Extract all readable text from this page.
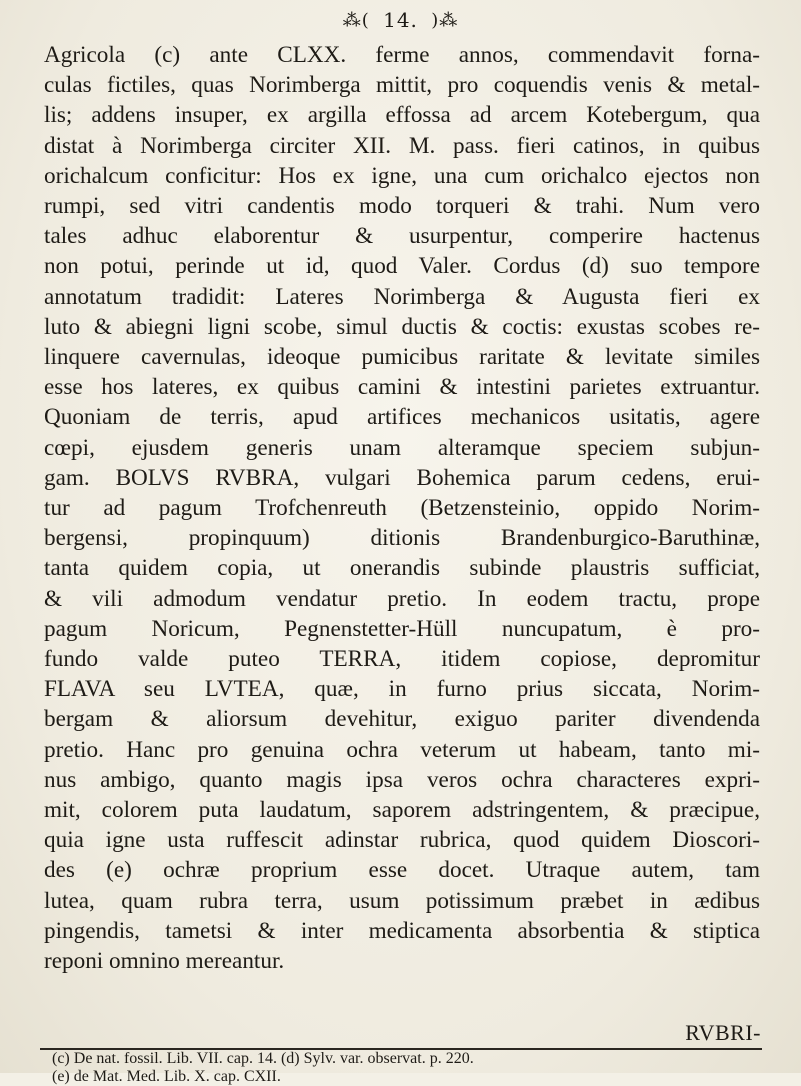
⁂( 14. )⁂
Agricola (c) ante CLXX. ferme annos, commendavit forna-
culas fictiles, quas Norimberga mittit, pro coquendis venis & metal-
lis; addens insuper, ex argilla effossa ad arcem Kotebergum, qua
distat à Norimberga circiter XII. M. pass. fieri catinos, in quibus
orichalcum conficitur: Hos ex igne, una cum orichalco ejectos non
rumpi, sed vitri candentis modo torqueri & trahi. Num vero
tales adhuc elaborentur & usurpentur, comperire hactenus
non potui, perinde ut id, quod Valer. Cordus (d) suo tempore
annotatum tradidit: Lateres Norimberga & Augusta fieri ex
luto & abiegni ligni scobe, simul ductis & coctis: exustas scobes re-
linquere cavernulas, ideoque pumicibus raritate & levitate similes
esse hos lateres, ex quibus camini & intestini parietes extruantur.
Quoniam de terris, apud artifices mechanicos usitatis, agere
cœpi, ejusdem generis unam alteramque speciem subjun-
gam. BOLVS RVBRA, vulgari Bohemica parum cedens, erui-
tur ad pagum Trofchenreuth (Betzensteinio, oppido Norim-
bergensi, propinquum) ditionis Brandenburgico-Baruthinæ,
tanta quidem copia, ut onerandis subinde plaustris sufficiat,
& vili admodum vendatur pretio. In eodem tractu, prope
pagum Noricum, Pegnenstetter-Hüll nuncupatum, è pro-
fundo valde puteo TERRA, itidem copiose, depromitur
FLAVA seu LVTEA, quæ, in furno prius siccata, Norim-
bergam & aliorsum devehitur, exiguo pariter divendenda
pretio. Hanc pro genuina ochra veterum ut habeam, tanto mi-
nus ambigo, quanto magis ipsa veros ochra characteres expri-
mit, colorem puta laudatum, saporem adstringentem, & præcipue,
quia igne usta ruffescit adinstar rubrica, quod quidem Dioscori-
des (e) ochræ proprium esse docet. Utraque autem, tam
lutea, quam rubra terra, usum potissimum præbet in ædibus
pingendis, tametsi & inter medicamenta absorbentia & stiptica
reponi omnino mereantur.
RVBRI-
(c) De nat. fossil. Lib. VII. cap. 14. (d) Sylv. var. observat. p. 220.
(e) de Mat. Med. Lib. X. cap. CXII.
